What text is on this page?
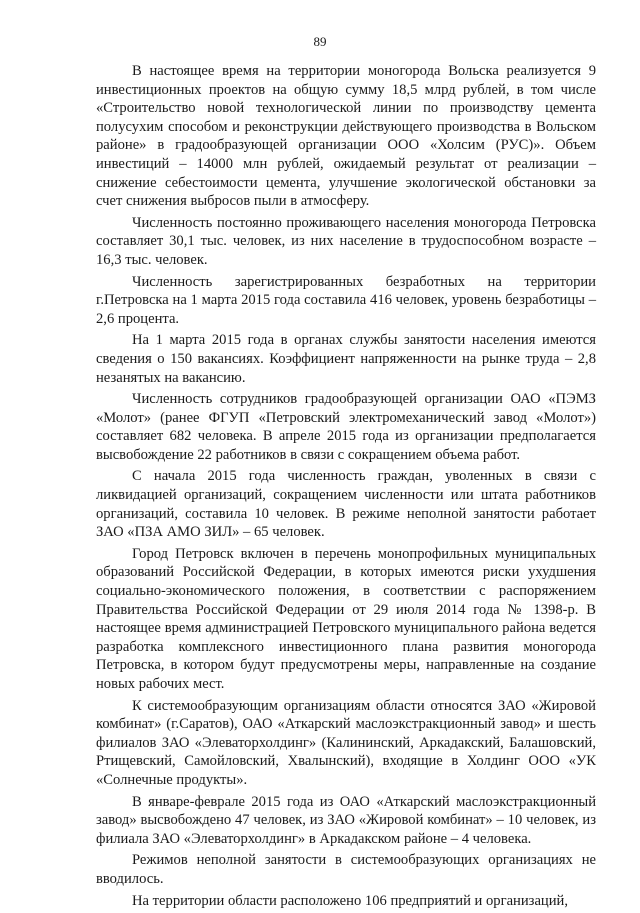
89

В настоящее время на территории моногорода Вольска реализуется 9 инвестиционных проектов на общую сумму 18,5 млрд рублей, в том числе «Строительство новой технологической линии по производству цемента полусухим способом и реконструкции действующего производства в Вольском районе» в градообразующей организации ООО «Холсим (РУС)». Объем инвестиций – 14000 млн рублей, ожидаемый результат от реализации – снижение себестоимости цемента, улучшение экологической обстановки за счет снижения выбросов пыли в атмосферу.

Численность постоянно проживающего населения моногорода Петровска составляет 30,1 тыс. человек, из них население в трудоспособном возрасте – 16,3 тыс. человек.

Численность зарегистрированных безработных на территории г.Петровска на 1 марта 2015 года составила 416 человек, уровень безработицы – 2,6 процента.

На 1 марта 2015 года в органах службы занятости населения имеются сведения о 150 вакансиях. Коэффициент напряженности на рынке труда – 2,8 незанятых на вакансию.

Численность сотрудников градообразующей организации ОАО «ПЭМЗ «Молот» (ранее ФГУП «Петровский электромеханический завод «Молот») составляет 682 человека. В апреле 2015 года из организации предполагается высвобождение 22 работников в связи с сокращением объема работ.

С начала 2015 года численность граждан, уволенных в связи с ликвидацией организаций, сокращением численности или штата работников организаций, составила 10 человек. В режиме неполной занятости работает ЗАО «ПЗА АМО ЗИЛ» – 65 человек.

Город Петровск включен в перечень монопрофильных муниципальных образований Российской Федерации, в которых имеются риски ухудшения социально-экономического положения, в соответствии с распоряжением Правительства Российской Федерации от 29 июля 2014 года № 1398-р. В настоящее время администрацией Петровского муниципального района ведется разработка комплексного инвестиционного плана развития моногорода Петровска, в котором будут предусмотрены меры, направленные на создание новых рабочих мест.

К системообразующим организациям области относятся ЗАО «Жировой комбинат» (г.Саратов), ОАО «Аткарский маслоэкстракционный завод» и шесть филиалов ЗАО «Элеваторхолдинг» (Калининский, Аркадакский, Балашовский, Ртищевский, Самойловский, Хвалынский), входящие в Холдинг ООО «УК «Солнечные продукты».

В январе-феврале 2015 года из ОАО «Аткарский маслоэкстракционный завод» высвобождено 47 человек, из ЗАО «Жировой комбинат» – 10 человек, из филиала ЗАО «Элеваторхолдинг» в Аркадакском районе – 4 человека.

Режимов неполной занятости в системообразующих организациях не вводилось.

На территории области расположено 106 предприятий и организаций,
